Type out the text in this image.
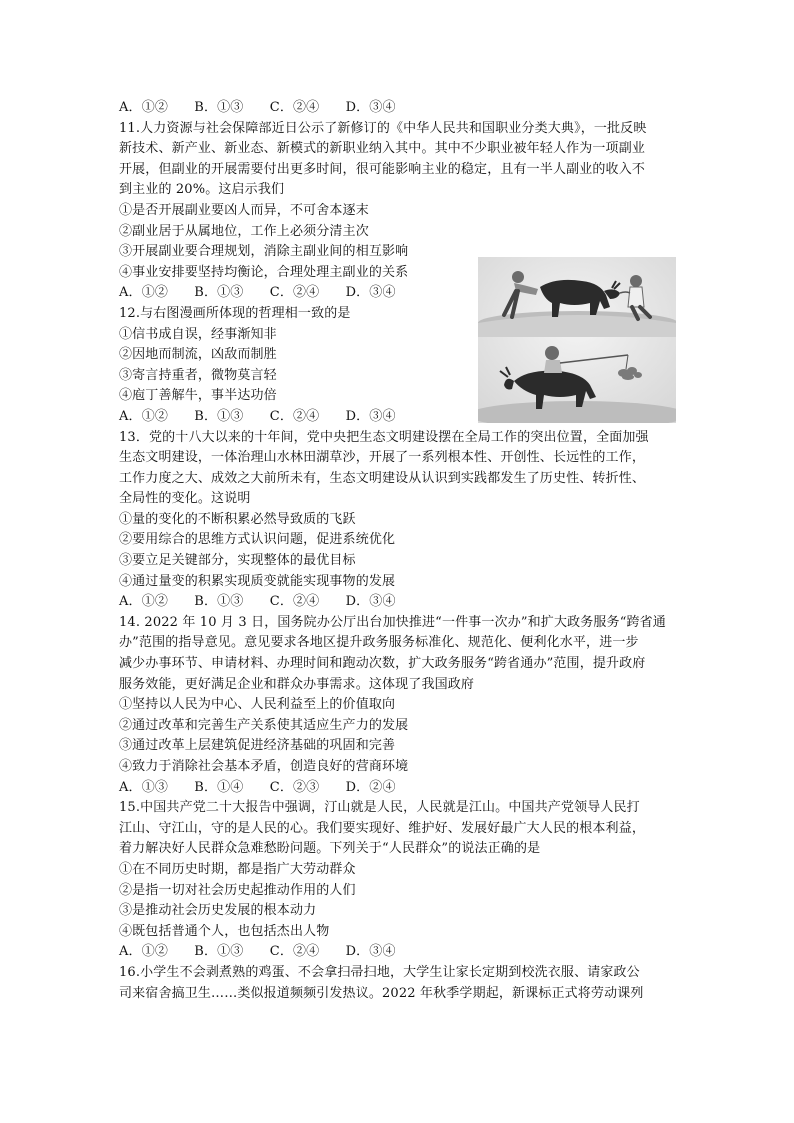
A．①②　　B．①③　　C．②④　　D．③④
11.人力资源与社会保障部近日公示了新修订的《中华人民共和国职业分类大典》，一批反映
新技术、新产业、新业态、新模式的新职业纳入其中。其中不少职业被年轻人作为一项副业
开展，但副业的开展需要付出更多时间，很可能影响主业的稳定，且有一半人副业的收入不
到主业的 20%。这启示我们
①是否开展副业要凶人而异，不可舍本逐末
②副业居于从属地位，工作上必须分清主次
③开展副业要合理规划，消除主副业间的相互影响
④事业安排要坚持均衡论，合理处理主副业的关系
A．①②　　B．①③　　C．②④　　D．③④
12.与右图漫画所体现的哲理相一致的是
①信书成自误，经事渐知非
②因地而制流，凶敌而制胜
③寄言持重者，微物莫言轻
④庖丁善解牛，事半达功倍
A．①②　　B．①③　　C．②④　　D．③④
13．党的十八大以来的十年间，党中央把生态文明建设摆在全局工作的突出位置，全面加强
生态文明建设，一体治理山水林田湖草沙，开展了一系列根本性、开创性、长远性的工作，
工作力度之大、成效之大前所未有，生态文明建设从认识到实践都发生了历史性、转折性、
全局性的变化。这说明
①量的变化的不断积累必然导致质的飞跃
②要用综合的思维方式认识问题，促进系统优化
③要立足关键部分，实现整体的最优目标
④通过量变的积累实现质变就能实现事物的发展
A．①②　　B．①③　　C．②④　　D．③④
14. 2022 年 10 月 3 日，国务院办公厅出台加快推进“一件事一次办”和扩大政务服务“跨省通
办”范围的指导意见。意见要求各地区提升政务服务标准化、规范化、便利化水平，进一步
减少办事环节、申请材料、办理时间和跑动次数，扩大政务服务“跨省通办”范围，提升政府
服务效能，更好满足企业和群众办事需求。这体现了我国政府
①坚持以人民为中心、人民利益至上的价值取向
②通过改革和完善生产关系使其适应生产力的发展
③通过改革上层建筑促进经济基础的巩固和完善
④致力于消除社会基本矛盾，创造良好的营商环境
A．①③　　B．①④　　C．②③　　D．②④
15.中国共产党二十大报告中强调，汀山就是人民，人民就是江山。中国共产党领导人民打
江山、守江山，守的是人民的心。我们要实现好、维护好、发展好最广大人民的根本利益，
着力解决好人民群众急难愁盼问题。下列关于“人民群众”的说法正确的是
①在不同历史时期，都是指广大劳动群众
②是指一切对社会历史起推动作用的人们
③是推动社会历史发展的根本动力
④既包括普通个人，也包括杰出人物
A．①②　　B．①③　　C．②④　　D．③④
16.小学生不会剥煮熟的鸡蛋、不会拿扫帚扫地，大学生让家长定期到校洗衣服、请家政公
司来宿舍搞卫生……类似报道频频引发热议。2022 年秋季学期起，新课标正式将劳动课列
